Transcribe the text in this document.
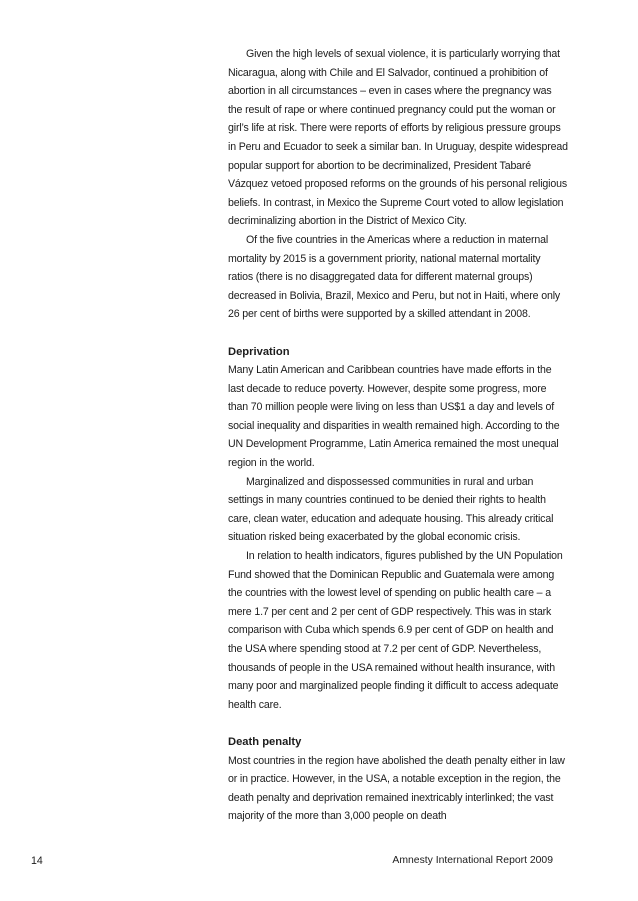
Given the high levels of sexual violence, it is particularly worrying that Nicaragua, along with Chile and El Salvador, continued a prohibition of abortion in all circumstances – even in cases where the pregnancy was the result of rape or where continued pregnancy could put the woman or girl’s life at risk. There were reports of efforts by religious pressure groups in Peru and Ecuador to seek a similar ban. In Uruguay, despite widespread popular support for abortion to be decriminalized, President Tabaré Vázquez vetoed proposed reforms on the grounds of his personal religious beliefs. In contrast, in Mexico the Supreme Court voted to allow legislation decriminalizing abortion in the District of Mexico City.

Of the five countries in the Americas where a reduction in maternal mortality by 2015 is a government priority, national maternal mortality ratios (there is no disaggregated data for different maternal groups) decreased in Bolivia, Brazil, Mexico and Peru, but not in Haiti, where only 26 per cent of births were supported by a skilled attendant in 2008.

Deprivation

Many Latin American and Caribbean countries have made efforts in the last decade to reduce poverty. However, despite some progress, more than 70 million people were living on less than US$1 a day and levels of social inequality and disparities in wealth remained high. According to the UN Development Programme, Latin America remained the most unequal region in the world.

Marginalized and dispossessed communities in rural and urban settings in many countries continued to be denied their rights to health care, clean water, education and adequate housing. This already critical situation risked being exacerbated by the global economic crisis.

In relation to health indicators, figures published by the UN Population Fund showed that the Dominican Republic and Guatemala were among the countries with the lowest level of spending on public health care – a mere 1.7 per cent and 2 per cent of GDP respectively. This was in stark comparison with Cuba which spends 6.9 per cent of GDP on health and the USA where spending stood at 7.2 per cent of GDP. Nevertheless, thousands of people in the USA remained without health insurance, with many poor and marginalized people finding it difficult to access adequate health care.

Death penalty

Most countries in the region have abolished the death penalty either in law or in practice. However, in the USA, a notable exception in the region, the death penalty and deprivation remained inextricably interlinked; the vast majority of the more than 3,000 people on death

14	Amnesty International Report 2009
